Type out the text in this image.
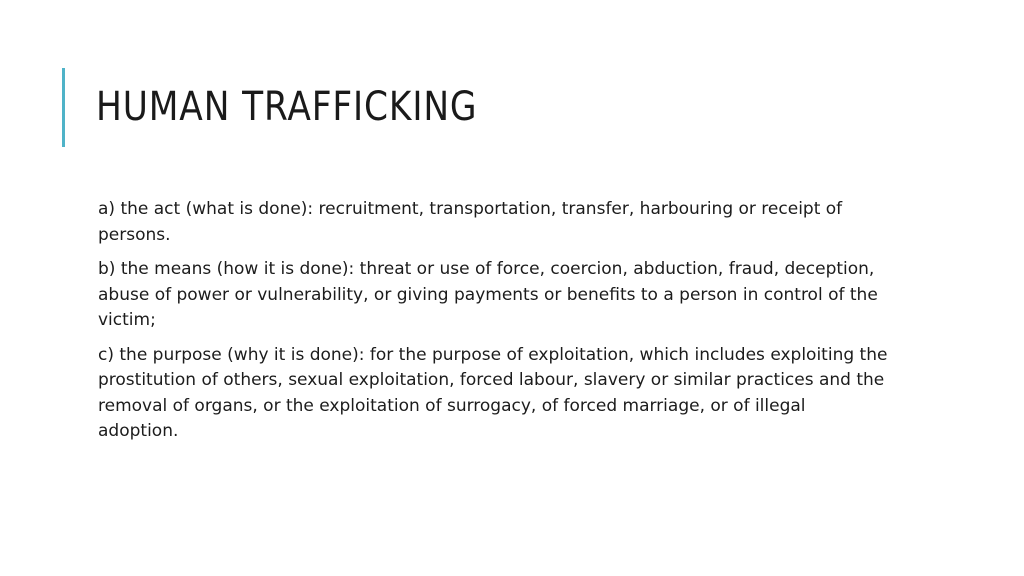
HUMAN TRAFFICKING

a) the act (what is done): recruitment, transportation, transfer, harbouring or receipt of persons.

b) the means (how it is done): threat or use of force, coercion, abduction, fraud, deception, abuse of power or vulnerability, or giving payments or benefits to a person in control of the victim;

c) the purpose (why it is done): for the purpose of exploitation, which includes exploiting the prostitution of others, sexual exploitation, forced labour, slavery or similar practices and the removal of organs, or the exploitation of surrogacy, of forced marriage, or of illegal adoption.
